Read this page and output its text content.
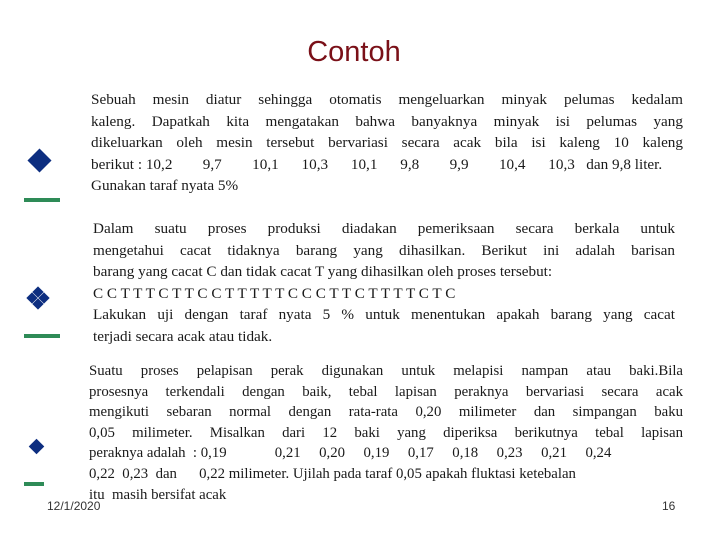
Contoh
Sebuah mesin diatur sehingga otomatis mengeluarkan minyak pelumas kedalam
kaleng. Dapatkah kita mengatakan bahwa banyaknya minyak isi pelumas yang
dikeluarkan oleh mesin tersebut bervariasi secara acak bila isi kaleng 10 kaleng
berikut : 10,2        9,7        10,1      10,3      10,1      9,8        9,9        10,4      10,3   dan 9,8 liter.
Gunakan taraf nyata 5%
Dalam suatu proses produksi diadakan pemeriksaan secara berkala untuk
mengetahui cacat tidaknya barang yang dihasilkan. Berikut ini adalah barisan
barang yang cacat C dan tidak cacat T yang dihasilkan oleh proses tersebut:
C C T T T C T T C C T T T T T C C C T T C T T T T C T C
Lakukan uji dengan taraf nyata 5 % untuk menentukan apakah barang yang cacat
terjadi secara acak atau tidak.
Suatu proses pelapisan perak digunakan untuk melapisi nampan atau baki.Bila
prosesnya terkendali dengan baik, tebal lapisan peraknya bervariasi secara acak
mengikuti sebaran normal dengan rata-rata 0,20 milimeter dan simpangan baku
0,05 milimeter. Misalkan dari 12 baki yang diperiksa berikutnya tebal lapisan
peraknya adalah  : 0,19             0,21     0,20     0,19     0,17     0,18     0,23     0,21     0,24
0,22  0,23  dan      0,22 milimeter. Ujilah pada taraf 0,05 apakah fluktasi ketebalan
itu  masih bersifat acak
12/1/2020	16
